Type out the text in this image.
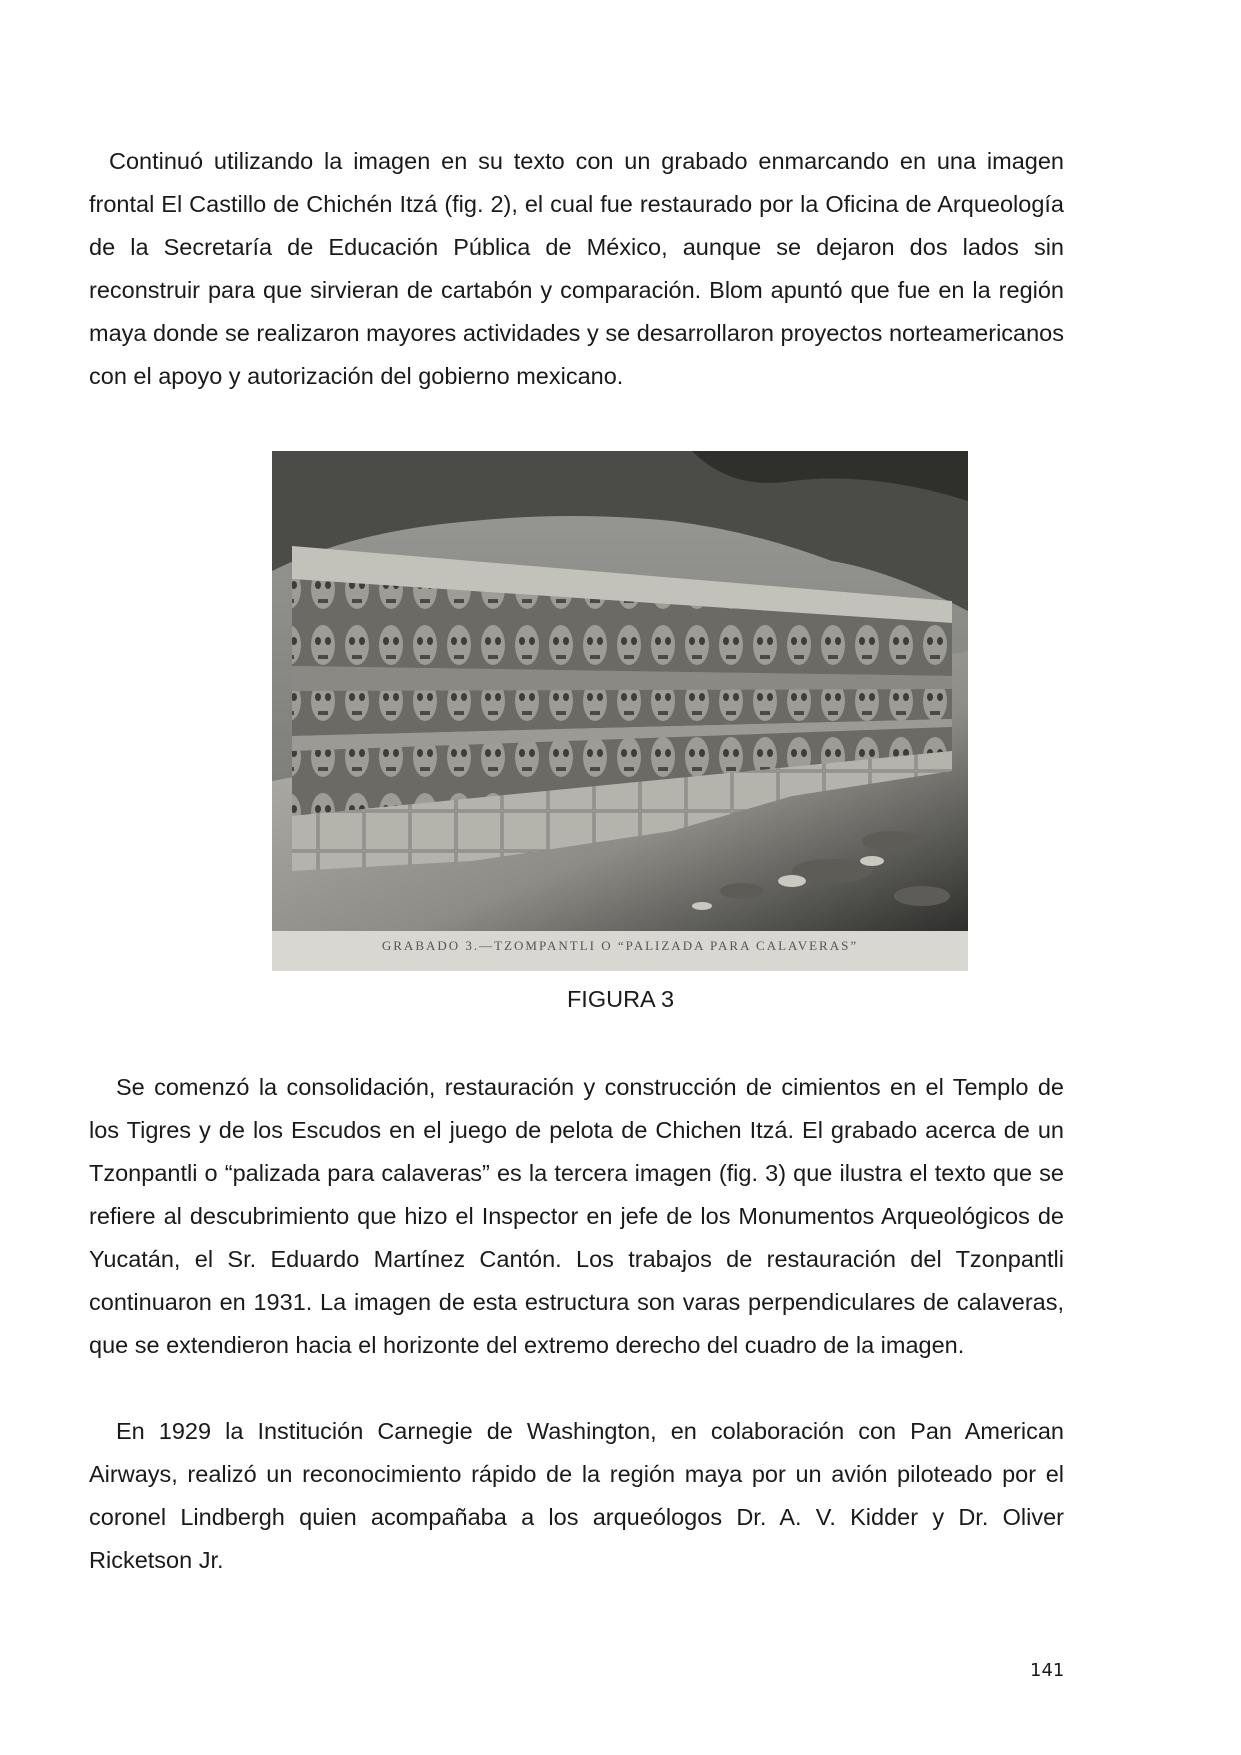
Continuó utilizando la imagen en su texto con un grabado enmarcando en una imagen frontal El Castillo de Chichén Itzá (fig. 2), el cual fue restaurado por la Oficina de Arqueología de la Secretaría de Educación Pública de México, aunque se dejaron dos lados sin reconstruir para que sirvieran de cartabón y comparación. Blom apuntó que fue en la región maya donde se realizaron mayores actividades y se desarrollaron proyectos norteamericanos con el apoyo y autorización del gobierno mexicano.

GRABADO 3.—TZOMPANTLI O “PALIZADA PARA CALAVERAS”
FIGURA 3

Se comenzó la consolidación, restauración y construcción de cimientos en el Templo de los Tigres y de los Escudos en el juego de pelota de Chichen Itzá. El grabado acerca de un Tzonpantli o “palizada para calaveras” es la tercera imagen (fig. 3) que ilustra el texto que se refiere al descubrimiento que hizo el Inspector en jefe de los Monumentos Arqueológicos de Yucatán, el Sr. Eduardo Martínez Cantón. Los trabajos de restauración del Tzonpantli continuaron en 1931. La imagen de esta estructura son varas perpendiculares de calaveras, que se extendieron hacia el horizonte del extremo derecho del cuadro de la imagen.

En 1929 la Institución Carnegie de Washington, en colaboración con Pan American Airways, realizó un reconocimiento rápido de la región maya por un avión piloteado por el coronel Lindbergh quien acompañaba a los arqueólogos Dr. A. V. Kidder y Dr. Oliver Ricketson Jr.

141
